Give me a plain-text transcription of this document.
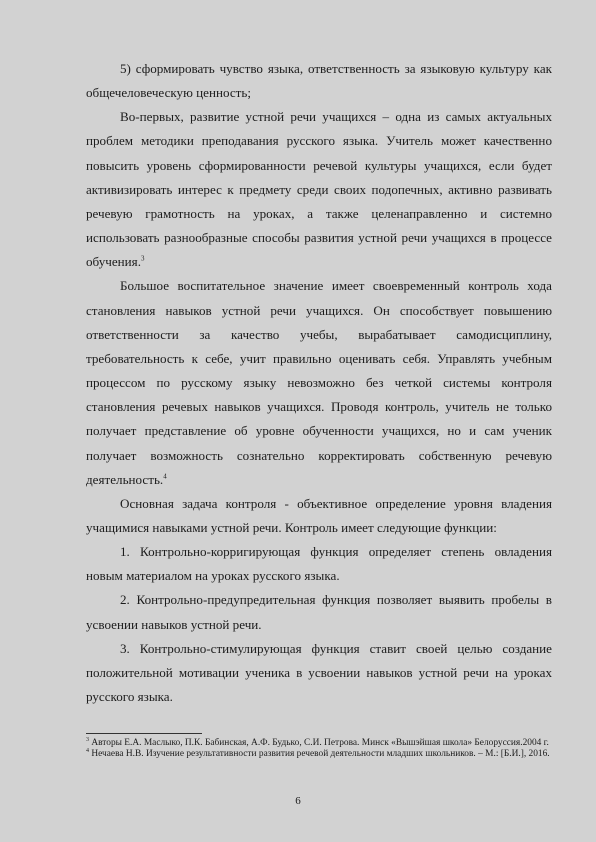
5) сформировать чувство языка, ответственность за языковую культуру как общечеловеческую ценность;

Во-первых, развитие устной речи учащихся – одна из самых актуальных проблем методики преподавания русского языка. Учитель может качественно повысить уровень сформированности речевой культуры учащихся, если будет активизировать интерес к предмету среди своих подопечных, активно развивать речевую грамотность на уроках, а также целенаправленно и системно использовать разнообразные способы развития устной речи учащихся в процессе обучения.$^3$

Большое воспитательное значение имеет своевременный контроль хода становления навыков устной речи учащихся. Он способствует повышению ответственности за качество учебы, вырабатывает самодисциплину, требовательность к себе, учит правильно оценивать себя. Управлять учебным процессом по русскому языку невозможно без четкой системы контроля становления речевых навыков учащихся. Проводя контроль, учитель не только получает представление об уровне обученности учащихся, но и сам ученик получает возможность сознательно корректировать собственную речевую деятельность.$^4$

Основная задача контроля - объективное определение уровня владения учащимися навыками устной речи. Контроль имеет следующие функции:

1. Контрольно-корригирующая функция определяет степень овладения новым материалом на уроках русского языка.

2. Контрольно-предупредительная функция позволяет выявить пробелы в усвоении навыков устной речи.

3. Контрольно-стимулирующая функция ставит своей целью создание положительной мотивации ученика в усвоении навыков устной речи на уроках русского языка.

$^3$ Авторы Е.А. Маслыко, П.К. Бабинская, А.Ф. Будько, С.И. Петрова. Минск «Вышэйшая школа» Белоруссия.2004 г.

$^4$ Нечаева Н.В. Изучение результативности развития речевой деятельности младших школьников. – М.: [Б.И.], 2016.

6
